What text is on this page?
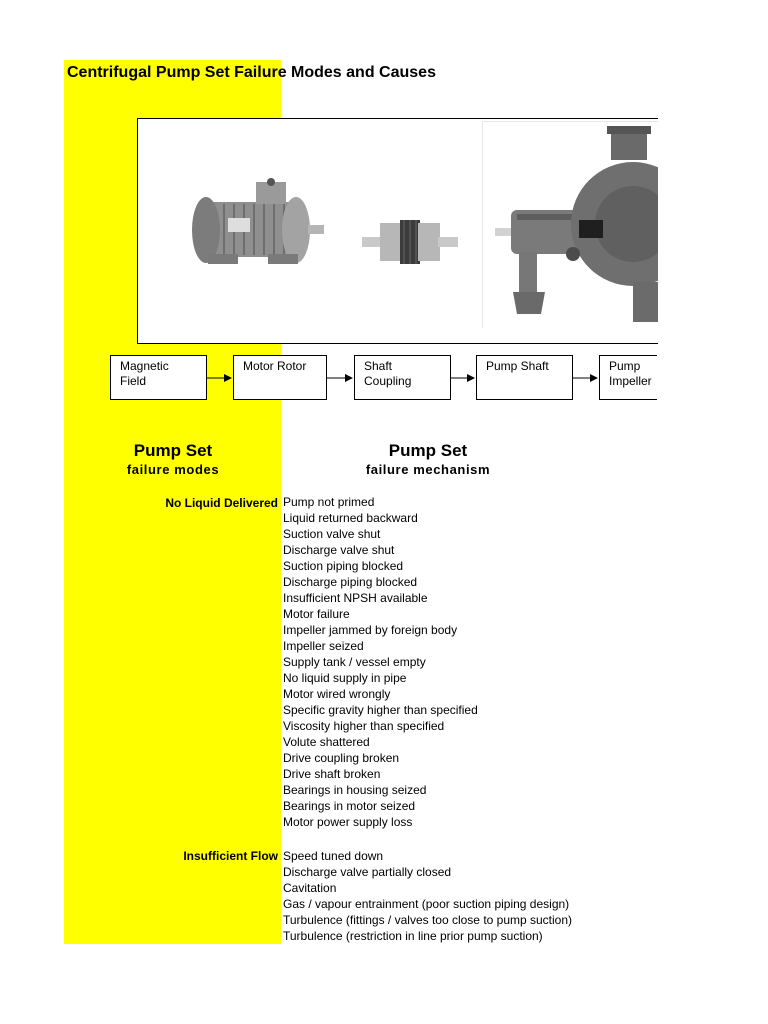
Centrifugal Pump Set Failure Modes and Causes
Magnetic
Field
Motor Rotor	Shaft
Coupling
Pump Shaft	Pump
Impeller
Pump Set
failure modes
Pump Set
failure mechanism
No Liquid Delivered Pump not primed
Liquid returned backward
Suction valve shut
Discharge valve shut
Suction piping blocked
Discharge piping blocked
Insufficient NPSH available
Motor failure
Impeller jammed by foreign body
Impeller seized
Supply tank / vessel empty
No liquid supply in pipe
Motor wired wrongly
Specific gravity higher than specified
Viscosity higher than specified
Volute shattered
Drive coupling broken
Drive shaft broken
Bearings in housing seized
Bearings in motor seized
Motor power supply loss
Insufficient Flow Speed tuned down
Discharge valve partially closed
Cavitation
Gas / vapour entrainment (poor suction piping design)
Turbulence (fittings / valves too close to pump suction)
Turbulence (restriction in line prior pump suction)
